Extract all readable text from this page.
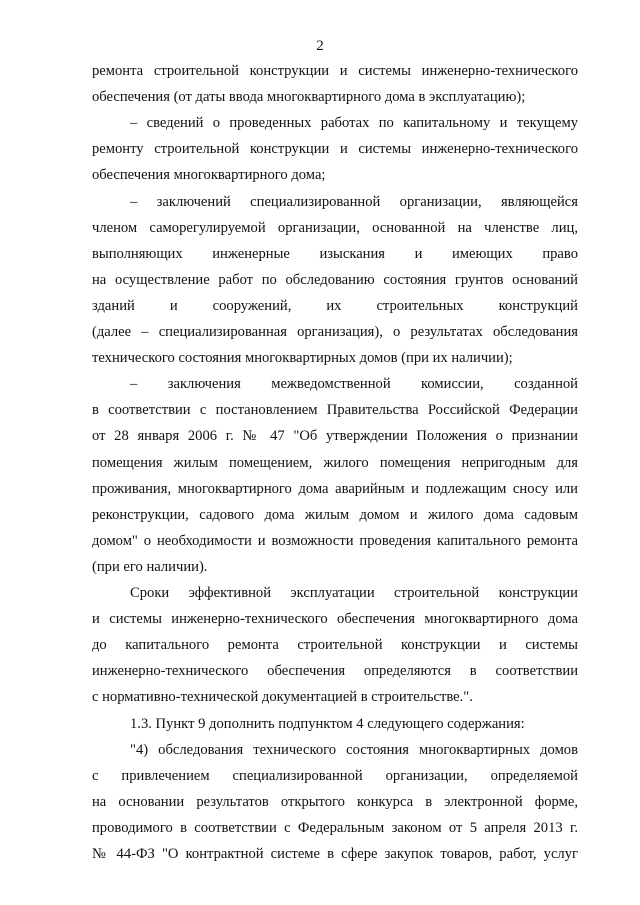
2
ремонта строительной конструкции и системы инженерно-технического
обеспечения (от даты ввода многоквартирного дома в эксплуатацию);
– сведений о проведенных работах по капитальному и текущему
ремонту строительной конструкции и системы инженерно-технического
обеспечения многоквартирного дома;
– заключений специализированной организации, являющейся
членом саморегулируемой организации, основанной на членстве лиц,
выполняющих инженерные изыскания и имеющих право
на осуществление работ по обследованию состояния грунтов оснований
зданий и сооружений, их строительных конструкций
(далее – специализированная организация), о результатах обследования
технического состояния многоквартирных домов (при их наличии);
– заключения межведомственной комиссии, созданной
в соответствии с постановлением Правительства Российской Федерации
от 28 января 2006 г. № 47 "Об утверждении Положения о признании
помещения жилым помещением, жилого помещения непригодным для
проживания, многоквартирного дома аварийным и подлежащим сносу или
реконструкции, садового дома жилым домом и жилого дома садовым
домом" о необходимости и возможности проведения капитального ремонта
(при его наличии).
Сроки эффективной эксплуатации строительной конструкции
и системы инженерно-технического обеспечения многоквартирного дома
до капитального ремонта строительной конструкции и системы
инженерно-технического обеспечения определяются в соответствии
с нормативно-технической документацией в строительстве.".
1.3. Пункт 9 дополнить подпунктом 4 следующего содержания:
"4) обследования технического состояния многоквартирных домов
с привлечением специализированной организации, определяемой
на основании результатов открытого конкурса в электронной форме,
проводимого в соответствии с Федеральным законом от 5 апреля 2013 г.
№ 44-ФЗ "О контрактной системе в сфере закупок товаров, работ, услуг
